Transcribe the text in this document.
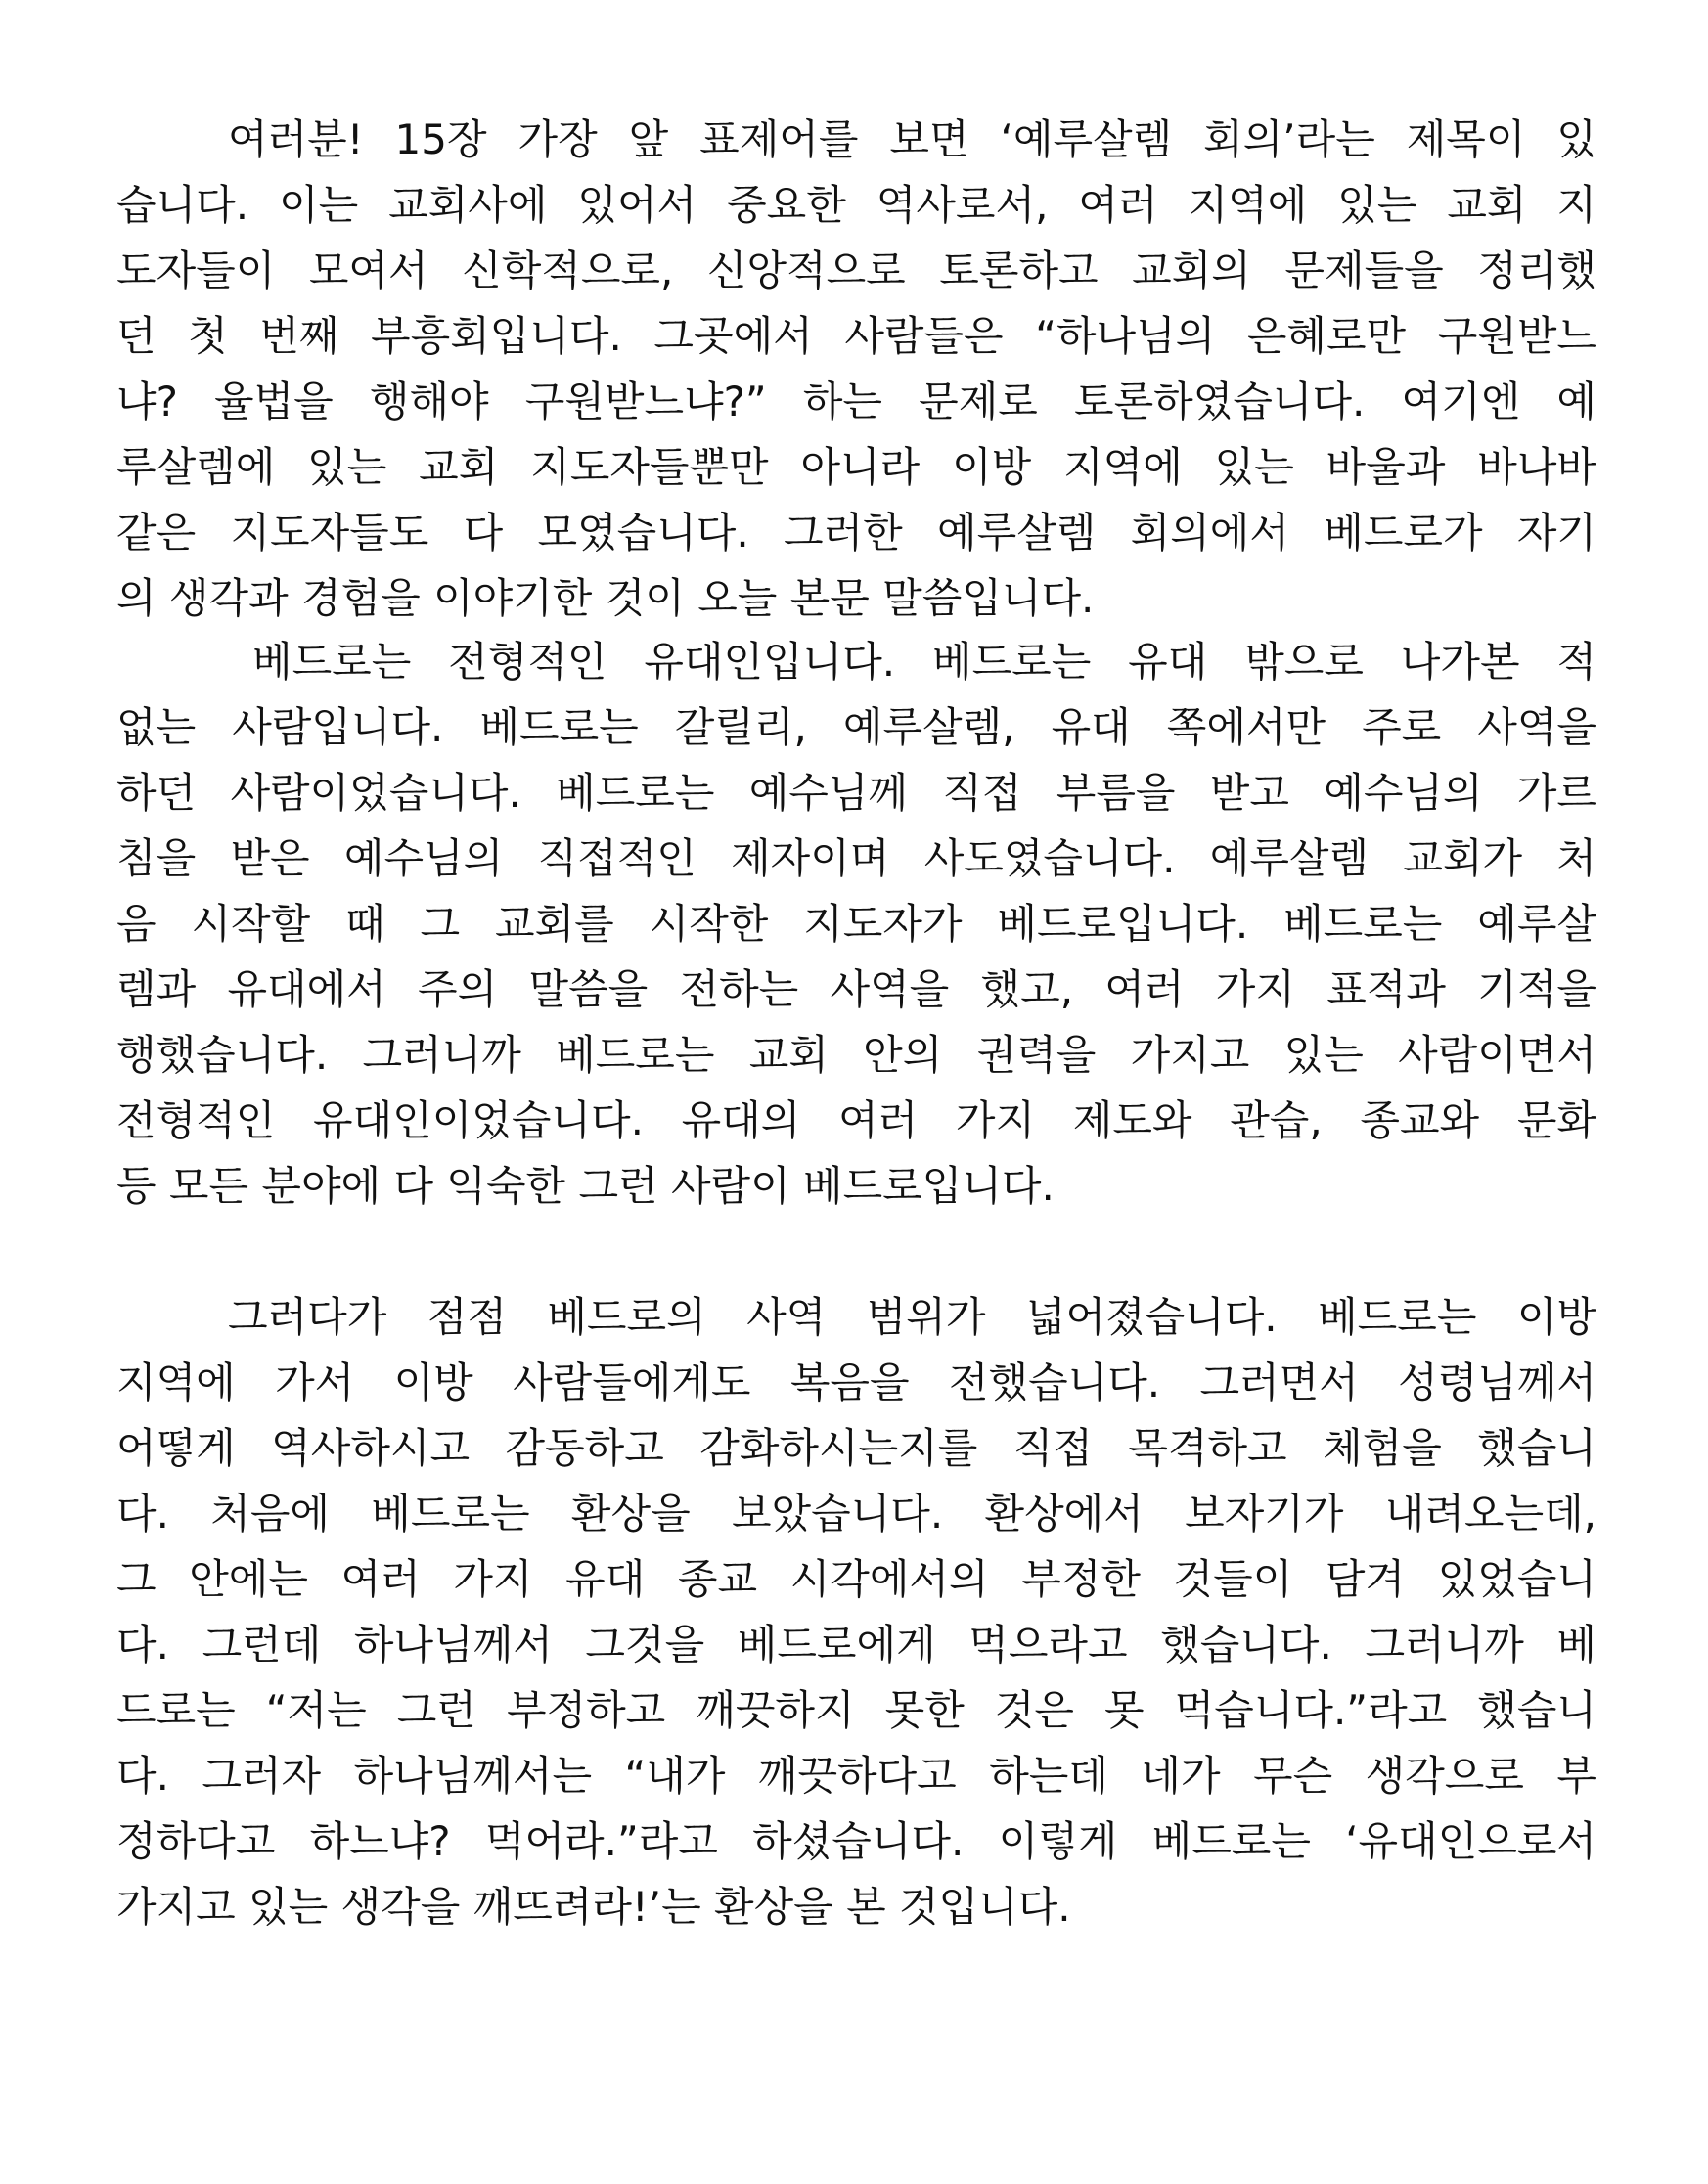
여러분! 15장 가장 앞 표제어를 보면 ‘예루살렘 회의’라는 제목이 있
습니다. 이는 교회사에 있어서 중요한 역사로서, 여러 지역에 있는 교회 지
도자들이 모여서 신학적으로, 신앙적으로 토론하고 교회의 문제들을 정리했
던 첫 번째 부흥회입니다. 그곳에서 사람들은 “하나님의 은혜로만 구원받느
냐? 율법을 행해야 구원받느냐?” 하는 문제로 토론하였습니다. 여기엔 예
루살렘에 있는 교회 지도자들뿐만 아니라 이방 지역에 있는 바울과 바나바
같은 지도자들도 다 모였습니다. 그러한 예루살렘 회의에서 베드로가 자기
의 생각과 경험을 이야기한 것이 오늘 본문 말씀입니다.
베드로는 전형적인 유대인입니다. 베드로는 유대 밖으로 나가본 적
없는 사람입니다. 베드로는 갈릴리, 예루살렘, 유대 쪽에서만 주로 사역을
하던 사람이었습니다. 베드로는 예수님께 직접 부름을 받고 예수님의 가르
침을 받은 예수님의 직접적인 제자이며 사도였습니다. 예루살렘 교회가 처
음 시작할 때 그 교회를 시작한 지도자가 베드로입니다. 베드로는 예루살
렘과 유대에서 주의 말씀을 전하는 사역을 했고, 여러 가지 표적과 기적을
행했습니다. 그러니까 베드로는 교회 안의 권력을 가지고 있는 사람이면서
전형적인 유대인이었습니다. 유대의 여러 가지 제도와 관습, 종교와 문화
등 모든 분야에 다 익숙한 그런 사람이 베드로입니다.
그러다가 점점 베드로의 사역 범위가 넓어졌습니다. 베드로는 이방
지역에 가서 이방 사람들에게도 복음을 전했습니다. 그러면서 성령님께서
어떻게 역사하시고 감동하고 감화하시는지를 직접 목격하고 체험을 했습니
다. 처음에 베드로는 환상을 보았습니다. 환상에서 보자기가 내려오는데,
그 안에는 여러 가지 유대 종교 시각에서의 부정한 것들이 담겨 있었습니
다. 그런데 하나님께서 그것을 베드로에게 먹으라고 했습니다. 그러니까 베
드로는 “저는 그런 부정하고 깨끗하지 못한 것은 못 먹습니다.”라고 했습니
다. 그러자 하나님께서는 “내가 깨끗하다고 하는데 네가 무슨 생각으로 부
정하다고 하느냐? 먹어라.”라고 하셨습니다. 이렇게 베드로는 ‘유대인으로서
가지고 있는 생각을 깨뜨려라!’는 환상을 본 것입니다.
